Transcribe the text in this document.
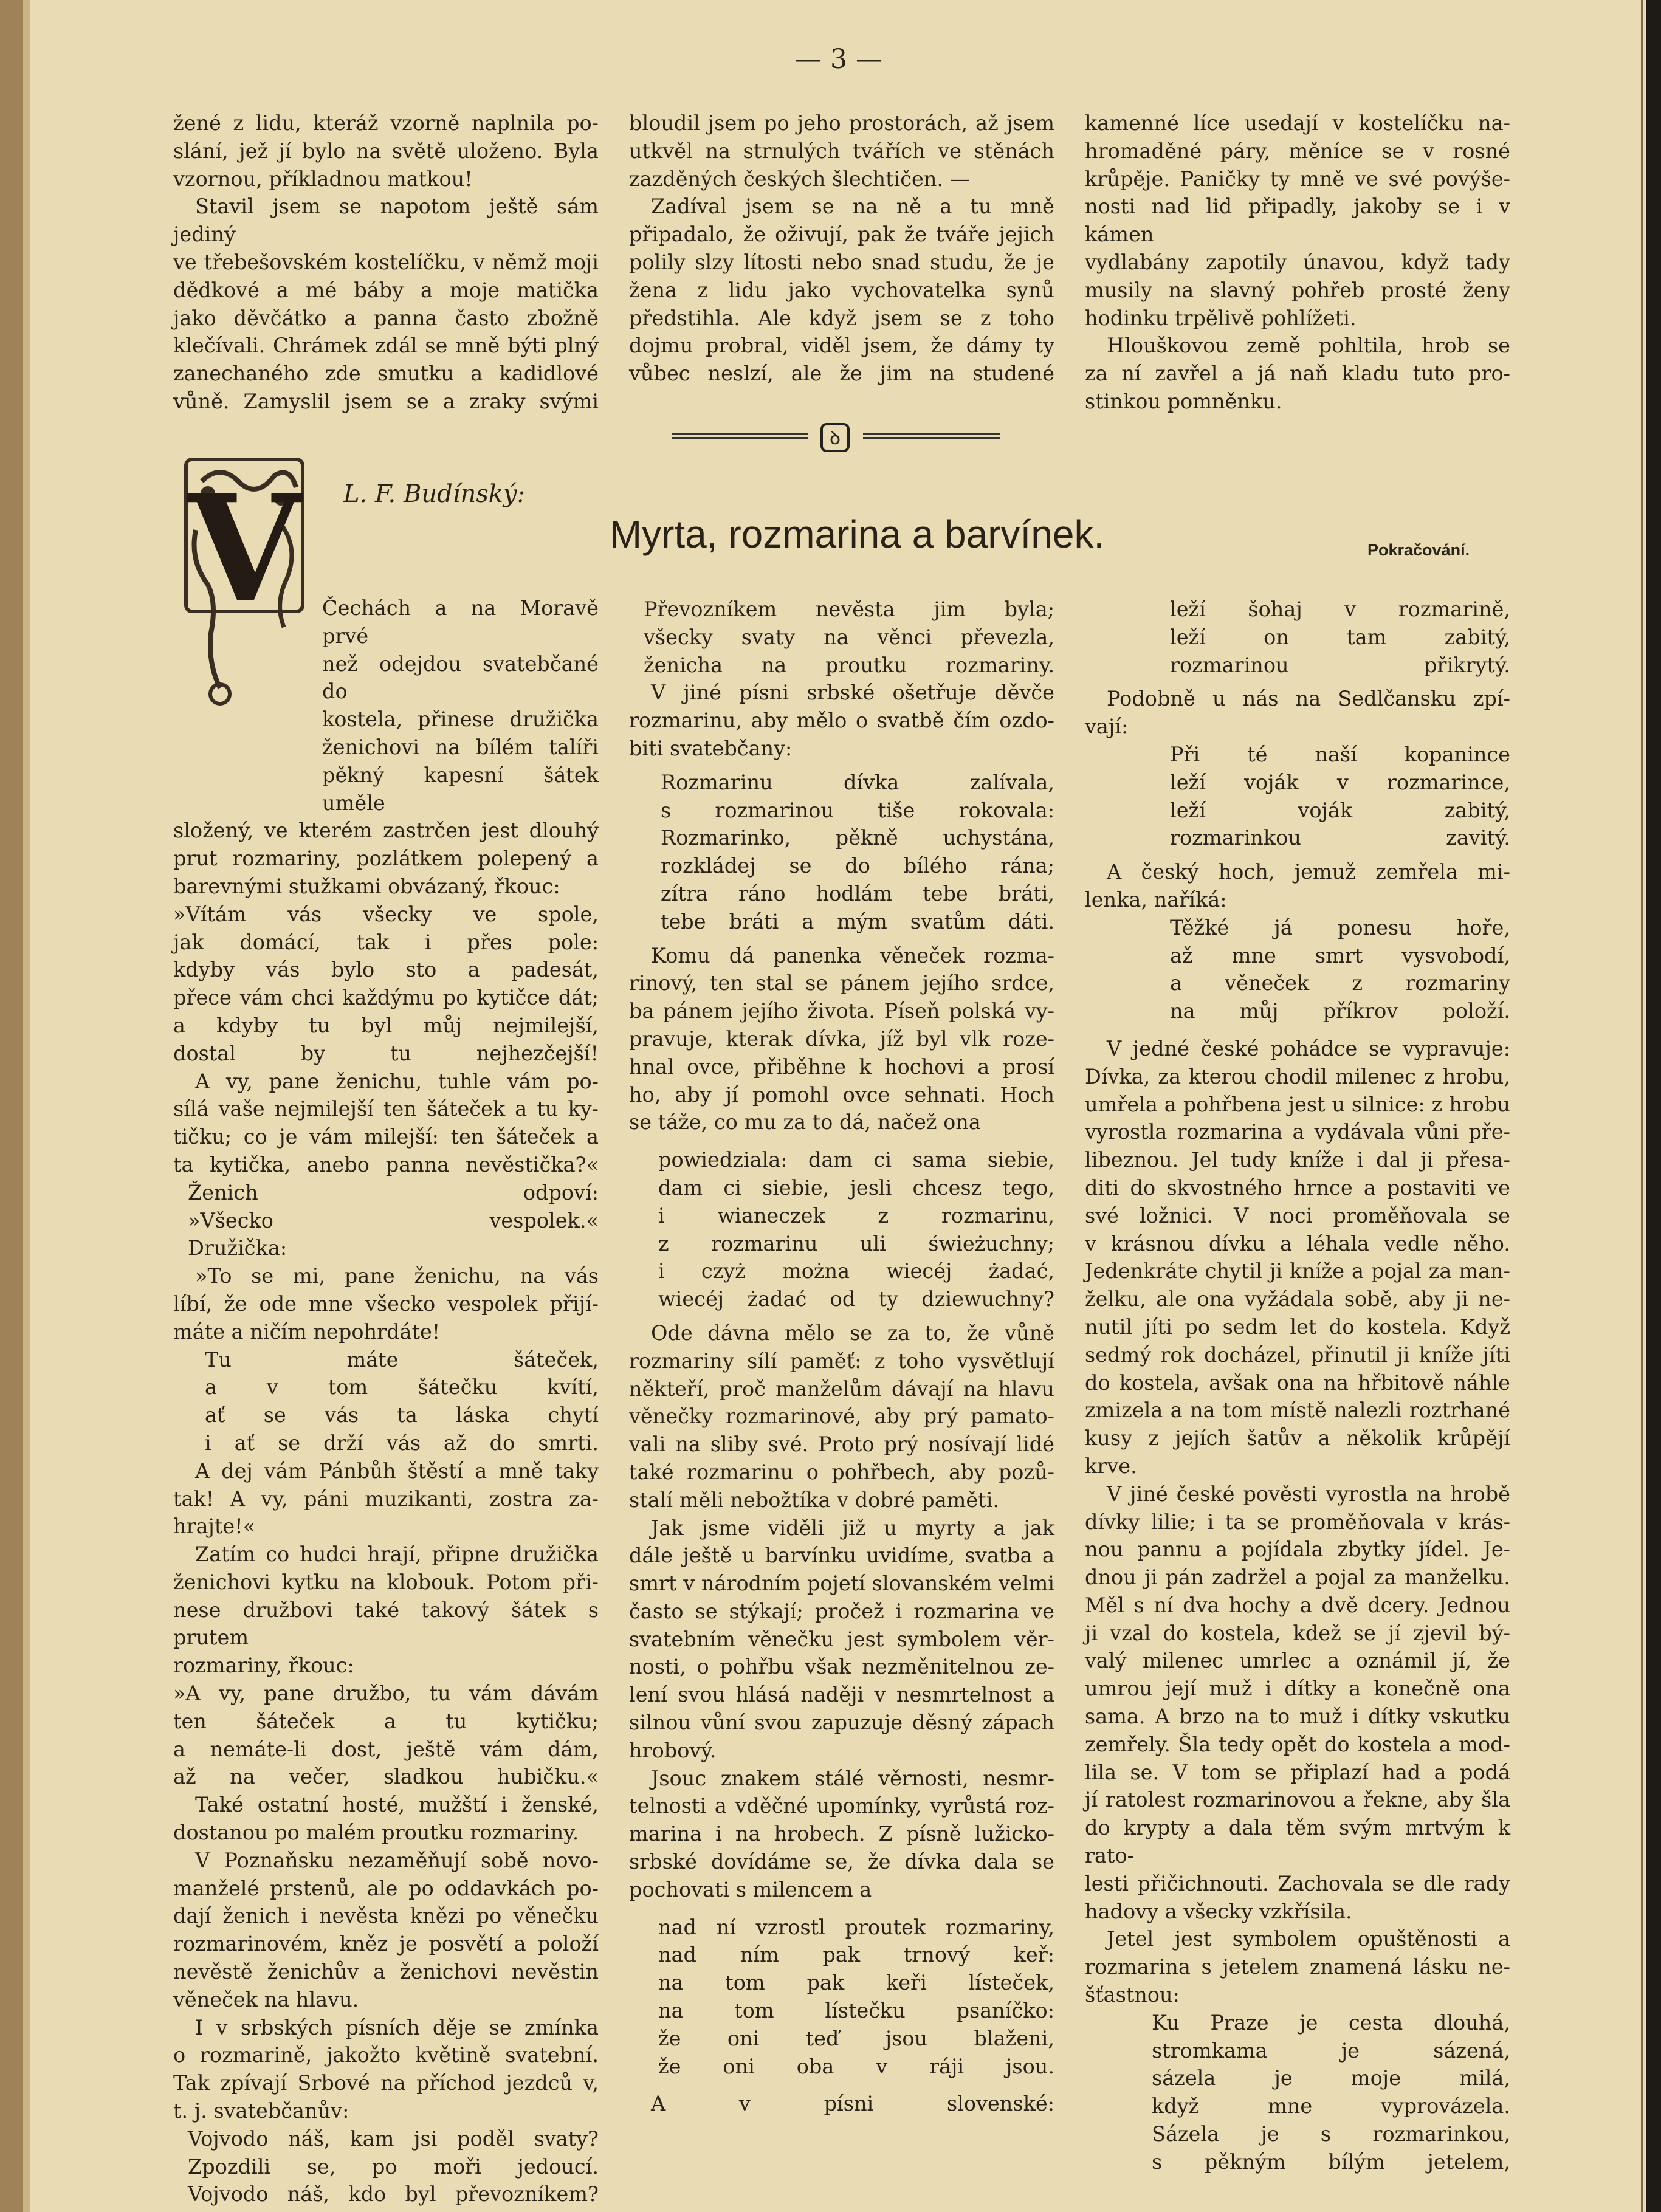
— 3 —

žené z lidu, kteráž vzorně naplnila po-

slání, jež jí bylo na světě uloženo. Byla

vzornou, příkladnou matkou!

Stavil jsem se napotom ještě sám jediný

ve třebešovském kostelíčku, v němž moji

dědkové a mé báby a moje matička

jako děvčátko a panna často zbožně

klečívali. Chrámek zdál se mně býti plný

zanechaného zde smutku a kadidlové

vůně. Zamyslil jsem se a zraky svými

bloudil jsem po jeho prostorách, až jsem

utkvěl na strnulých tvářích ve stěnách

zazděných českých šlechtičen. —

Zadíval jsem se na ně a tu mně

připadalo, že oživují, pak že tváře jejich

polily slzy lítosti nebo snad studu, že je

žena z lidu jako vychovatelka synů

předstihla. Ale když jsem se z toho

dojmu probral, viděl jsem, že dámy ty

vůbec neslzí, ale že jim na studené

kamenné líce usedají v kostelíčku na-

hromaděné páry, měníce se v rosné

krůpěje. Paničky ty mně ve své povýše-

nosti nad lid připadly, jakoby se i v kámen

vydlabány zapotily únavou, když tady

musily na slavný pohřeb prosté ženy

hodinku trpělivě pohlížeti.

Hlouškovou země pohltila, hrob se

za ní zavřel a já naň kladu tuto pro-

stinkou pomněnku.

ꝺ
V L. F. Budínský:
Myrta, rozmarina a barvínek.	Pokračování.

Čechách a na Moravě prvé

než odejdou svatebčané do

kostela, přinese družička

ženichovi na bílém talíři

pěkný kapesní šátek uměle

složený, ve kterém zastrčen jest dlouhý

prut rozmariny, pozlátkem polepený a

barevnými stužkami obvázaný, řkouc:

»Vítám vás všecky ve spole,

jak domácí, tak i přes pole:

kdyby vás bylo sto a padesát,

přece vám chci každýmu po kytičce dát;

a kdyby tu byl můj nejmilejší,

dostal by tu nejhezčejší!

A vy, pane ženichu, tuhle vám po-

sílá vaše nejmilejší ten šáteček a tu ky-

tičku; co je vám milejší: ten šáteček a

ta kytička, anebo panna nevěstička?«

Ženich odpoví:

»Všecko vespolek.«

Družička:

»To se mi, pane ženichu, na vás

líbí, že ode mne všecko vespolek přijí-

máte a ničím nepohrdáte!

Tu máte šáteček,

a v tom šátečku kvítí,

ať se vás ta láska chytí

i ať se drží vás až do smrti.

A dej vám Pánbůh štěstí a mně taky

tak! A vy, páni muzikanti, zostra za-

hrajte!«

Zatím co hudci hrají, připne družička

ženichovi kytku na klobouk. Potom při-

nese družbovi také takový šátek s prutem

rozmariny, řkouc:

»A vy, pane družbo, tu vám dávám

ten šáteček a tu kytičku;

a nemáte-li dost, ještě vám dám,

až na večer, sladkou hubičku.«

Také ostatní hosté, mužští i ženské,

dostanou po malém proutku rozmariny.

V Poznaňsku nezaměňují sobě novo-

manželé prstenů, ale po oddavkách po-

dají ženich i nevěsta knězi po věnečku

rozmarinovém, kněz je posvětí a položí

nevěstě ženichův a ženichovi nevěstin

věneček na hlavu.

I v srbských písních děje se zmínka

o rozmarině, jakožto květině svatební.

Tak zpívají Srbové na příchod jezdců v,

t. j. svatebčanův:

Vojvodo náš, kam jsi poděl svaty?

Zpozdili se, po moři jedoucí.

Vojvodo náš, kdo byl převozníkem?

Převozníkem nevěsta jim byla;

všecky svaty na věnci převezla,

ženicha na proutku rozmariny.

V jiné písni srbské ošetřuje děvče

rozmarinu, aby mělo o svatbě čím ozdo-

biti svatebčany:

Rozmarinu dívka zalívala,

s rozmarinou tiše rokovala:

Rozmarinko, pěkně uchystána,

rozkládej se do bílého rána;

zítra ráno hodlám tebe bráti,

tebe bráti a mým svatům dáti.

Komu dá panenka věneček rozma-

rinový, ten stal se pánem jejího srdce,

ba pánem jejího života. Píseň polská vy-

pravuje, kterak dívka, jíž byl vlk roze-

hnal ovce, přiběhne k hochovi a prosí

ho, aby jí pomohl ovce sehnati. Hoch

se táže, co mu za to dá, načež ona

powiedziala: dam ci sama siebie,

dam ci siebie, jesli chcesz tego,

i wianeczek z rozmarinu,

z rozmarinu uli świeżuchny;

i czyż można wiecéj żadać,

wiecéj żadać od ty dziewuchny?

Ode dávna mělo se za to, že vůně

rozmariny sílí paměť: z toho vysvětlují

někteří, proč manželům dávají na hlavu

věnečky rozmarinové, aby prý pamato-

vali na sliby své. Proto prý nosívají lidé

také rozmarinu o pohřbech, aby pozů-

stalí měli nebožtíka v dobré paměti.

Jak jsme viděli již u myrty a jak

dále ještě u barvínku uvidíme, svatba a

smrt v národním pojetí slovanském velmi

často se stýkají; pročež i rozmarina ve

svatebním věnečku jest symbolem věr-

nosti, o pohřbu však nezměnitelnou ze-

lení svou hlásá naději v nesmrtelnost a

silnou vůní svou zapuzuje děsný zápach

hrobový.

Jsouc znakem stálé věrnosti, nesmr-

telnosti a vděčné upomínky, vyrůstá roz-

marina i na hrobech. Z písně lužicko-

srbské dovídáme se, že dívka dala se

pochovati s milencem a

nad ní vzrostl proutek rozmariny,

nad ním pak trnový keř:

na tom pak keři lísteček,

na tom lístečku psaníčko:

že oni teď jsou blaženi,

že oni oba v ráji jsou.

A v písni slovenské:

leží šohaj v rozmarině,

leží on tam zabitý,

rozmarinou přikrytý.

Podobně u nás na Sedlčansku zpí-

vají:

Při té naší kopanince

leží voják v rozmarince,

leží voják zabitý,

rozmarinkou zavitý.

A český hoch, jemuž zemřela mi-

lenka, naříká:

Těžké já ponesu hoře,

až mne smrt vysvobodí,

a věneček z rozmariny

na můj příkrov položí.

V jedné české pohádce se vypravuje:

Dívka, za kterou chodil milenec z hrobu,

umřela a pohřbena jest u silnice: z hrobu

vyrostla rozmarina a vydávala vůni pře-

libeznou. Jel tudy kníže i dal ji přesa-

diti do skvostného hrnce a postaviti ve

své ložnici. V noci proměňovala se

v krásnou dívku a léhala vedle něho.

Jedenkráte chytil ji kníže a pojal za man-

želku, ale ona vyžádala sobě, aby ji ne-

nutil jíti po sedm let do kostela. Když

sedmý rok docházel, přinutil ji kníže jíti

do kostela, avšak ona na hřbitově náhle

zmizela a na tom místě nalezli roztrhané

kusy z jejích šatův a několik krůpějí

krve.

V jiné české pověsti vyrostla na hrobě

dívky lilie; i ta se proměňovala v krás-

nou pannu a pojídala zbytky jídel. Je-

dnou ji pán zadržel a pojal za manželku.

Měl s ní dva hochy a dvě dcery. Jednou

ji vzal do kostela, kdež se jí zjevil bý-

valý milenec umrlec a oznámil jí, že

umrou její muž i dítky a konečně ona

sama. A brzo na to muž i dítky vskutku

zemřely. Šla tedy opět do kostela a mod-

lila se. V tom se připlazí had a podá

jí ratolest rozmarinovou a řekne, aby šla

do krypty a dala těm svým mrtvým k rato-

lesti přičichnouti. Zachovala se dle rady

hadovy a všecky vzkřísila.

Jetel jest symbolem opuštěnosti a

rozmarina s jetelem znamená lásku ne-

šťastnou:

Ku Praze je cesta dlouhá,

stromkama je sázená,

sázela je moje milá,

když mne vyprovázela.

Sázela je s rozmarinkou,

s pěkným bílým jetelem,
